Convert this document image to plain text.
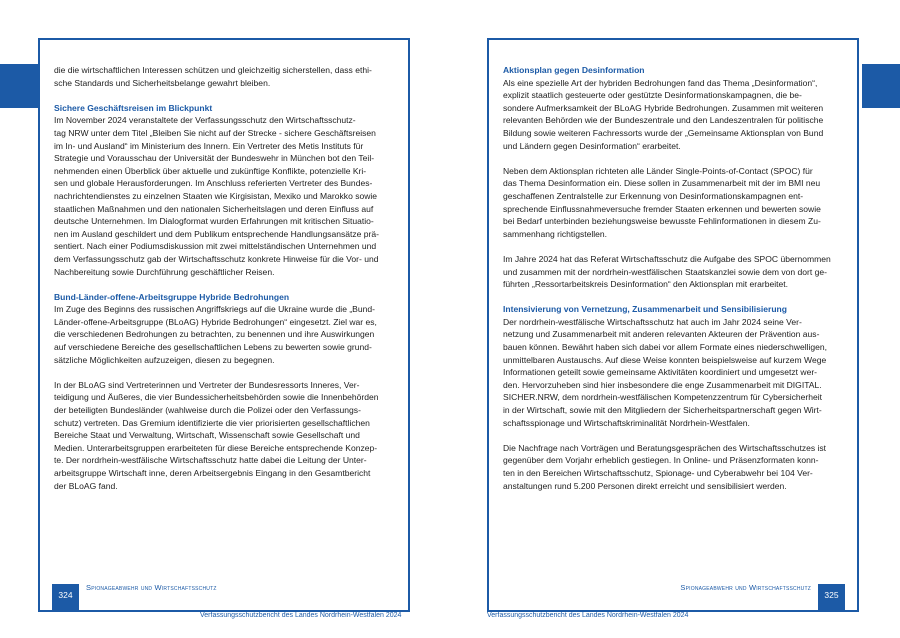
die die wirtschaftlichen Interessen schützen und gleichzeitig sicherstellen, dass ethi-
sche Standards und Sicherheitsbelange gewahrt bleiben.

Sichere Geschäftsreisen im Blickpunkt

Im November 2024 veranstaltete der Verfassungsschutz den Wirtschaftsschutz-
tag NRW unter dem Titel „Bleiben Sie nicht auf der Strecke - sichere Geschäftsreisen
im In- und Ausland“ im Ministerium des Innern. Ein Vertreter des Metis Instituts für
Strategie und Vorausschau der Universität der Bundeswehr in München bot den Teil-
nehmenden einen Überblick über aktuelle und zukünftige Konflikte, potenzielle Kri-
sen und globale Herausforderungen. Im Anschluss referierten Vertreter des Bundes-
nachrichtendienstes zu einzelnen Staaten wie Kirgisistan, Mexiko und Marokko sowie
staatlichen Maßnahmen und den nationalen Sicherheitslagen und deren Einfluss auf
deutsche Unternehmen. Im Dialogformat wurden Erfahrungen mit kritischen Situatio-
nen im Ausland geschildert und dem Publikum entsprechende Handlungsansätze prä-
sentiert. Nach einer Podiumsdiskussion mit zwei mittelständischen Unternehmen und
dem Verfassungsschutz gab der Wirtschaftsschutz konkrete Hinweise für die Vor- und
Nachbereitung sowie Durchführung geschäftlicher Reisen.

Bund-Länder-offene-Arbeitsgruppe Hybride Bedrohungen

Im Zuge des Beginns des russischen Angriffskriegs auf die Ukraine wurde die „Bund-
Länder-offene-Arbeitsgruppe (BLoAG) Hybride Bedrohungen“ eingesetzt. Ziel war es,
die verschiedenen Bedrohungen zu betrachten, zu benennen und ihre Auswirkungen
auf verschiedene Bereiche des gesellschaftlichen Lebens zu bewerten sowie grund-
sätzliche Möglichkeiten aufzuzeigen, diesen zu begegnen.

In der BLoAG sind Vertreterinnen und Vertreter der Bundesressorts Inneres, Ver-
teidigung und Äußeres, die vier Bundessicherheitsbehörden sowie die Innenbehörden
der beteiligten Bundesländer (wahlweise durch die Polizei oder den Verfassungs-
schutz) vertreten. Das Gremium identifizierte die vier priorisierten gesellschaftlichen
Bereiche Staat und Verwaltung, Wirtschaft, Wissenschaft sowie Gesellschaft und
Medien. Unterarbeitsgruppen erarbeiteten für diese Bereiche entsprechende Konzep-
te. Der nordrhein-westfälische Wirtschaftsschutz hatte dabei die Leitung der Unter-
arbeitsgruppe Wirtschaft inne, deren Arbeitsergebnis Eingang in den Gesamtbericht
der BLoAG fand.

324
Spionageabwehr und Wirtschaftsschutz
Aktionsplan gegen Desinformation

Als eine spezielle Art der hybriden Bedrohungen fand das Thema „Desinformation“,
explizit staatlich gesteuerte oder gestützte Desinformationskampagnen, die be-
sondere Aufmerksamkeit der BLoAG Hybride Bedrohungen. Zusammen mit weiteren
relevanten Behörden wie der Bundeszentrale und den Landeszentralen für politische
Bildung sowie weiteren Fachressorts wurde der „Gemeinsame Aktionsplan von Bund
und Ländern gegen Desinformation“ erarbeitet.

Neben dem Aktionsplan richteten alle Länder Single-Points-of-Contact (SPOC) für
das Thema Desinformation ein. Diese sollen in Zusammenarbeit mit der im BMI neu
geschaffenen Zentralstelle zur Erkennung von Desinformationskampagnen ent-
sprechende Einflussnahmeversuche fremder Staaten erkennen und bewerten sowie
bei Bedarf unterbinden beziehungsweise bewusste Fehlinformationen in diesem Zu-
sammenhang richtigstellen.

Im Jahre 2024 hat das Referat Wirtschaftsschutz die Aufgabe des SPOC übernommen
und zusammen mit der nordrhein-westfälischen Staatskanzlei sowie dem von dort ge-
führten „Ressortarbeitskreis Desinformation“ den Aktionsplan mit erarbeitet.

Intensivierung von Vernetzung, Zusammenarbeit und Sensibilisierung

Der nordrhein-westfälische Wirtschaftsschutz hat auch im Jahr 2024 seine Ver-
netzung und Zusammenarbeit mit anderen relevanten Akteuren der Prävention aus-
bauen können. Bewährt haben sich dabei vor allem Formate eines niederschwelligen,
unmittelbaren Austauschs. Auf diese Weise konnten beispielsweise auf kurzem Wege
Informationen geteilt sowie gemeinsame Aktivitäten koordiniert und umgesetzt wer-
den. Hervorzuheben sind hier insbesondere die enge Zusammenarbeit mit DIGITAL.
SICHER.NRW, dem nordrhein-westfälischen Kompetenzzentrum für Cybersicherheit
in der Wirtschaft, sowie mit den Mitgliedern der Sicherheitspartnerschaft gegen Wirt-
schaftsspionage und Wirtschaftskriminalität Nordrhein-Westfalen.

Die Nachfrage nach Vorträgen und Beratungsgesprächen des Wirtschaftsschutzes ist
gegenüber dem Vorjahr erheblich gestiegen. In Online- und Präsenzformaten konn-
ten in den Bereichen Wirtschaftsschutz, Spionage- und Cyberabwehr bei 104 Ver-
anstaltungen rund 5.200 Personen direkt erreicht und sensibilisiert werden.

Spionageabwehr und Wirtschaftsschutz
325
Verfassungsschutzbericht des Landes Nordrhein-Westfalen 2024	Verfassungsschutzbericht des Landes Nordrhein-Westfalen 2024
